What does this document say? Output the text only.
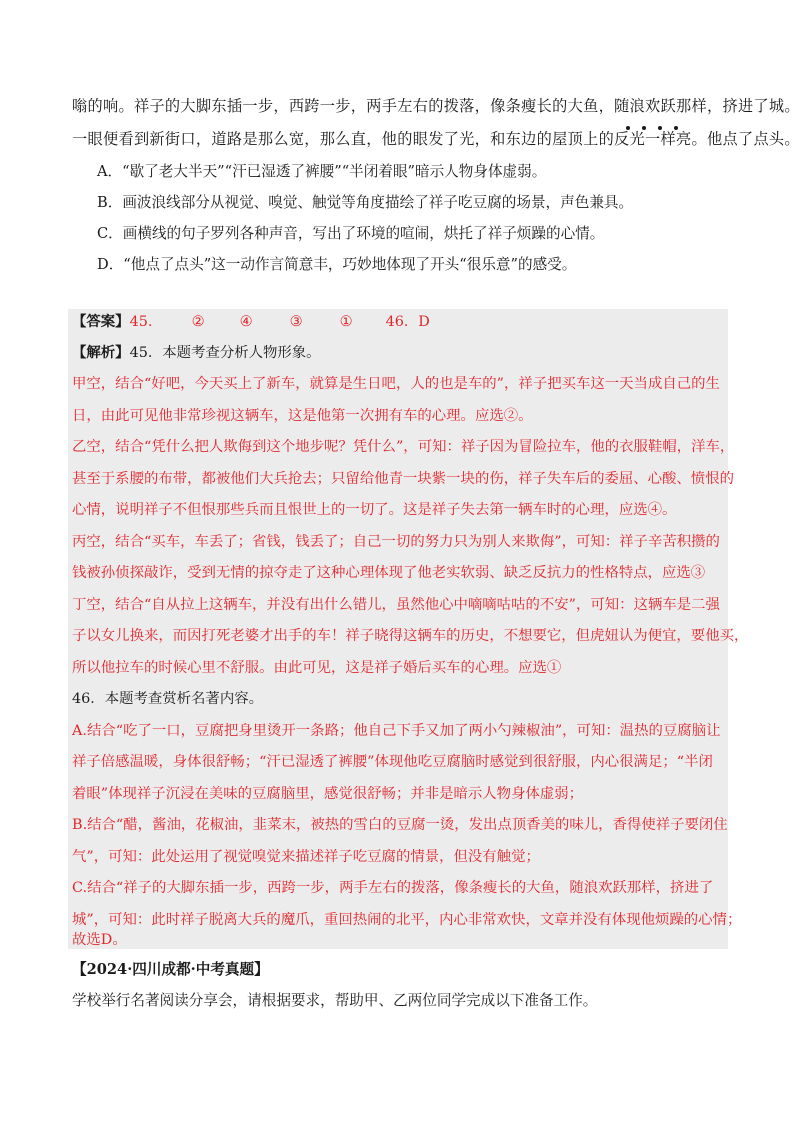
嗡的响。祥子的大脚东插一步，西跨一步，两手左右的拨落，像条瘦长的大鱼，随浪欢跃那样，挤进了城。
一眼便看到新街口，道路是那么宽，那么直，他的眼发了光，和东边的屋顶上的反光一样亮。他点了点头。
A．“歇了老大半天”“汗已湿透了裤腰”“半闭着眼”暗示人物身体虚弱。
B．画波浪线部分从视觉、嗅觉、触觉等角度描绘了祥子吃豆腐的场景，声色兼具。
C．画横线的句子罗列各种声音，写出了环境的喧闹，烘托了祥子烦躁的心情。
D．“他点了点头”这一动作言简意丰，巧妙地体现了开头“很乐意”的感受。
【答案】45.	② ④	③	① 46．D
【解析】45．本题考查分析人物形象。
甲空，结合“好吧，今天买上了新车，就算是生日吧，人的也是车的”，祥子把买车这一天当成自己的生
日，由此可见他非常珍视这辆车，这是他第一次拥有车的心理。应选②。
乙空，结合“凭什么把人欺侮到这个地步呢？凭什么”，可知：祥子因为冒险拉车，他的衣服鞋帽，洋车，
甚至于系腰的布带，都被他们大兵抢去；只留给他青一块紫一块的伤，祥子失车后的委屈、心酸、愤恨的
心情，说明祥子不但恨那些兵而且恨世上的一切了。这是祥子失去第一辆车时的心理，应选④。
丙空，结合“买车，车丢了；省钱，钱丢了；自己一切的努力只为别人来欺侮”，可知：祥子辛苦积攒的
钱被孙侦探敲诈，受到无情的掠夺走了这种心理体现了他老实软弱、缺乏反抗力的性格特点，应选③
丁空，结合“自从拉上这辆车，并没有出什么错儿，虽然他心中嘀嘀咕咕的不安”，可知：这辆车是二强
子以女儿换来，而因打死老婆才出手的车！祥子晓得这辆车的历史，不想要它，但虎妞认为便宜，要他买，
所以他拉车的时候心里不舒服。由此可见，这是祥子婚后买车的心理。应选①
46．本题考查赏析名著内容。
A.结合“吃了一口，豆腐把身里烫开一条路；他自己下手又加了两小勺辣椒油”，可知：温热的豆腐脑让
祥子倍感温暖，身体很舒畅；“汗已湿透了裤腰”体现他吃豆腐脑时感觉到很舒服，内心很满足；“半闭
着眼”体现祥子沉浸在美味的豆腐脑里，感觉很舒畅；并非是暗示人物身体虚弱；
B.结合“醋，酱油，花椒油，韭菜末，被热的雪白的豆腐一烫，发出点顶香美的味儿，香得使祥子要闭住
气”，可知：此处运用了视觉嗅觉来描述祥子吃豆腐的情景，但没有触觉；
C.结合“祥子的大脚东插一步，西跨一步，两手左右的拨落，像条瘦长的大鱼，随浪欢跃那样，挤进了
城”，可知：此时祥子脱离大兵的魔爪，重回热闹的北平，内心非常欢快，文章并没有体现他烦躁的心情；
故选D。
【2024·四川成都·中考真题】
学校举行名著阅读分享会，请根据要求，帮助甲、乙两位同学完成以下准备工作。
